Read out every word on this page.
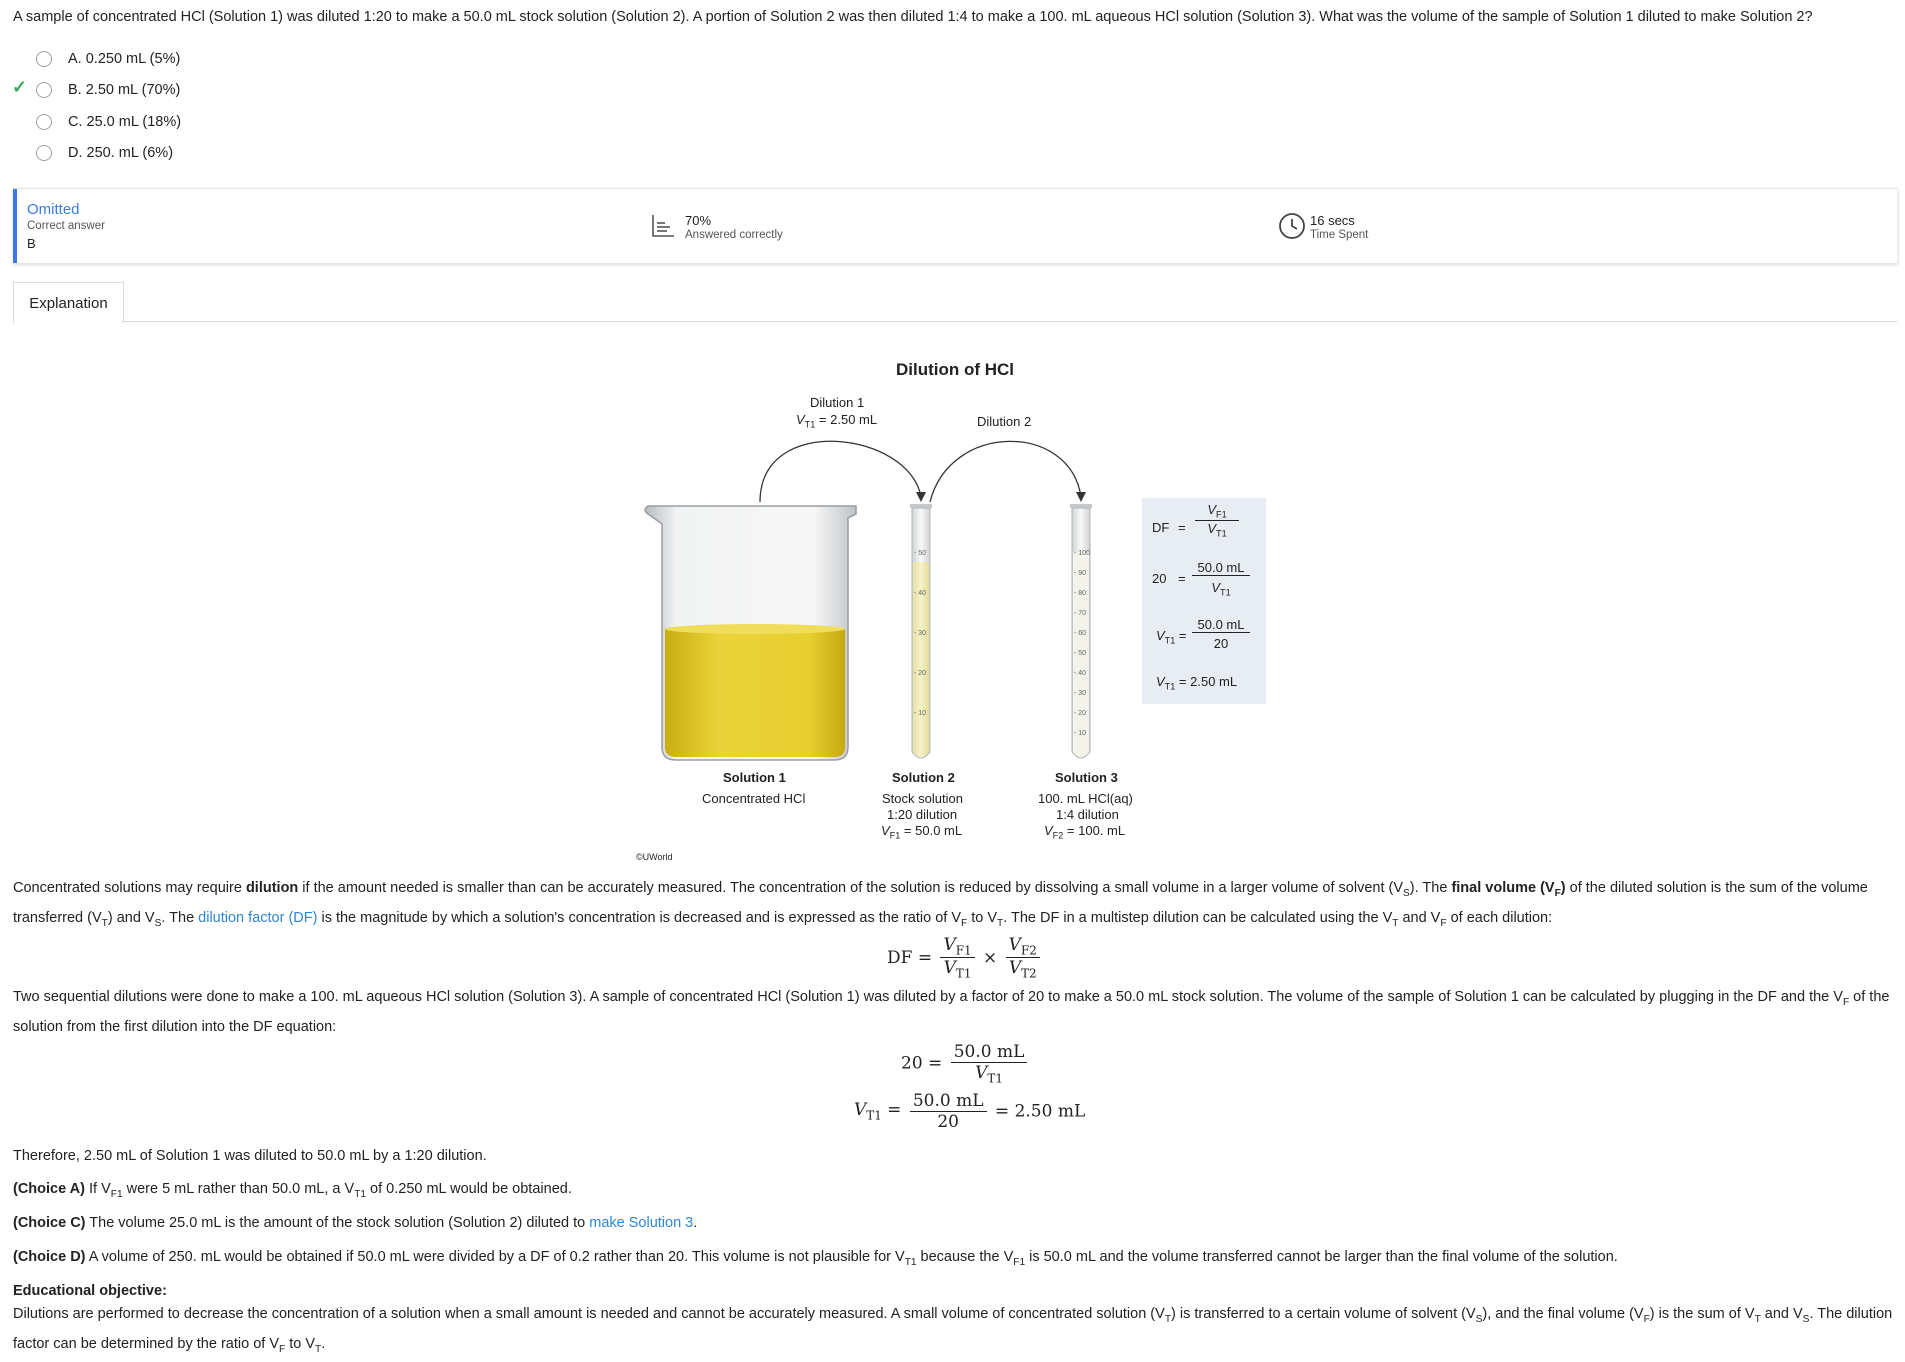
A sample of concentrated HCl (Solution 1) was diluted 1:20 to make a 50.0 mL stock solution (Solution 2). A portion of Solution 2 was then diluted 1:4 to make a 100. mL aqueous HCl solution (Solution 3). What was the volume of the sample of Solution 1 diluted to make Solution 2?
A. 0.250 mL (5%)
✓	B. 2.50 mL (70%)
C. 25.0 mL (18%)
D. 250. mL (6%)
Omitted
Correct answer
B
70%
Answered correctly
16 secs
Time Spent
Explanation
Dilution of HCl
Dilution 1
$V_{T1} = 2.50$ mL	Dilution 2
- 50
- 40
- 30
- 20
- 10
- 100
- 90
- 80
- 70
- 60
- 50
- 40
- 30
- 20
- 10
DF =
$V_{F1}$
$V_{T1}$
20 =
50.0 mL
$V_{T1}$
$V_{T1}$ =
50.0 mL
20
$V_{T1} = 2.50$ mL
Solution 1
Concentrated HCl
Solution 2
Stock solution
1:20 dilution
$V_{F1} = 50.0$ mL
Solution 3
100. mL HCl(aq)
1:4 dilution
$V_{F2} = 100$. mL
©UWorld
Concentrated solutions may require dilution if the amount needed is smaller than can be accurately measured. The concentration of the solution is reduced by dissolving a small volume in a larger volume of solvent $(V_S)$. The final volume $(V_F)$ of the diluted solution is the sum of the volume transferred $(V_T)$ and $V_S$. The dilution factor (DF) is the magnitude by which a solution's concentration is decreased and is expressed as the ratio of $V_F$ to $V_T$. The DF in a multistep dilution can be calculated using the $V_T$ and $V_F$ of each dilution:
DF = $\frac{V_{F1}}{V_{T1}} \times \frac{V_{F2}}{V_{T2}}$
Two sequential dilutions were done to make a 100. mL aqueous HCl solution (Solution 3). A sample of concentrated HCl (Solution 1) was diluted by a factor of 20 to make a 50.0 mL stock solution. The volume of the sample of Solution 1 can be calculated by plugging in the DF and the $V_F$ of the solution from the first dilution into the DF equation:
$20 = \frac{50.0 mL}{V_{T1}}$
$V_{T1} = \frac{50.0 mL}{20} = 2.50$ mL
Therefore, 2.50 mL of Solution 1 was diluted to 50.0 mL by a 1:20 dilution.
(Choice A) If $V_{F1}$ were 5 mL rather than 50.0 mL, a $V_{T1}$ of 0.250 mL would be obtained.
(Choice C) The volume 25.0 mL is the amount of the stock solution (Solution 2) diluted to make Solution 3.
(Choice D) A volume of 250. mL would be obtained if 50.0 mL were divided by a DF of 0.2 rather than 20. This volume is not plausible for $V_{T1}$ because the $V_{F1}$ is 50.0 mL and the volume transferred cannot be larger than the final volume of the solution.
Educational objective:
Dilutions are performed to decrease the concentration of a solution when a small amount is needed and cannot be accurately measured. A small volume of concentrated solution $(V_T)$ is transferred to a certain volume of solvent $(V_S)$, and the final volume $(V_F)$ is the sum of $V_T$ and $V_S$. The dilution factor can be determined by the ratio of $V_F$ to $V_T$.
